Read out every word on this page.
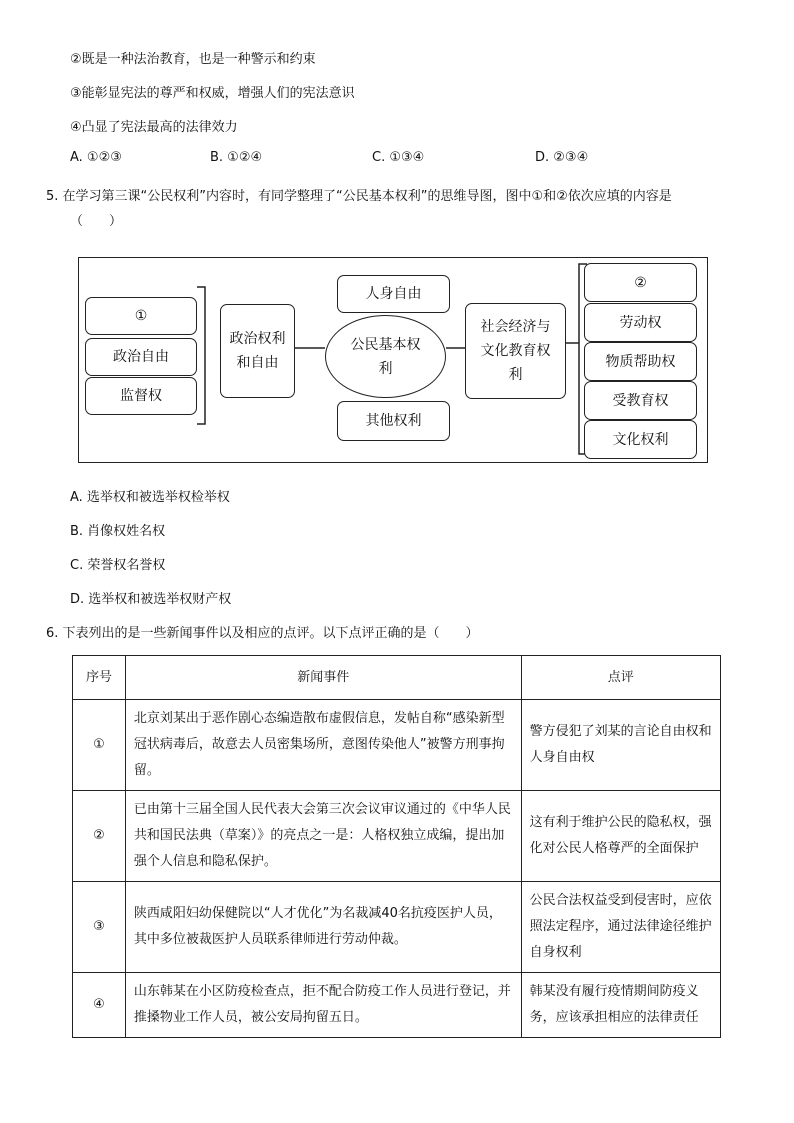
②既是一种法治教育，也是一种警示和约束
③能彰显宪法的尊严和权威，增强人们的宪法意识
④凸显了宪法最高的法律效力
A. ①②③	B. ①②④	C. ①③④	D. ②③④
5. 在学习第三课“公民权利”内容时，有同学整理了“公民基本权利”的思维导图，图中①和②依次应填的内容是
（　　）
①
政治自由
监督权
政治权利和自由
人身自由
公民基本权利
其他权利
社会经济与文化教育权利
②
劳动权
物质帮助权
受教育权
文化权利
A. 选举权和被选举权检举权
B. 肖像权姓名权
C. 荣誉权名誉权
D. 选举权和被选举权财产权
6. 下表列出的是一些新闻事件以及相应的点评。以下点评正确的是（　　）
序号	新闻事件	点评
①	北京刘某出于恶作剧心态编造散布虚假信息，发帖自称“感染新型冠状病毒后，故意去人员密集场所，意图传染他人”被警方刑事拘留。	警方侵犯了刘某的言论自由权和人身自由权
②	已由第十三届全国人民代表大会第三次会议审议通过的《中华人民共和国民法典（草案）》的亮点之一是：人格权独立成编，提出加强个人信息和隐私保护。	这有利于维护公民的隐私权，强化对公民人格尊严的全面保护
③	陕西咸阳妇幼保健院以“人才优化”为名裁减40名抗疫医护人员，其中多位被裁医护人员联系律师进行劳动仲裁。	公民合法权益受到侵害时，应依照法定程序，通过法律途径维护自身权利
④	山东韩某在小区防疫检查点，拒不配合防疫工作人员进行登记，并推搡物业工作人员，被公安局拘留五日。	韩某没有履行疫情期间防疫义务，应该承担相应的法律责任
